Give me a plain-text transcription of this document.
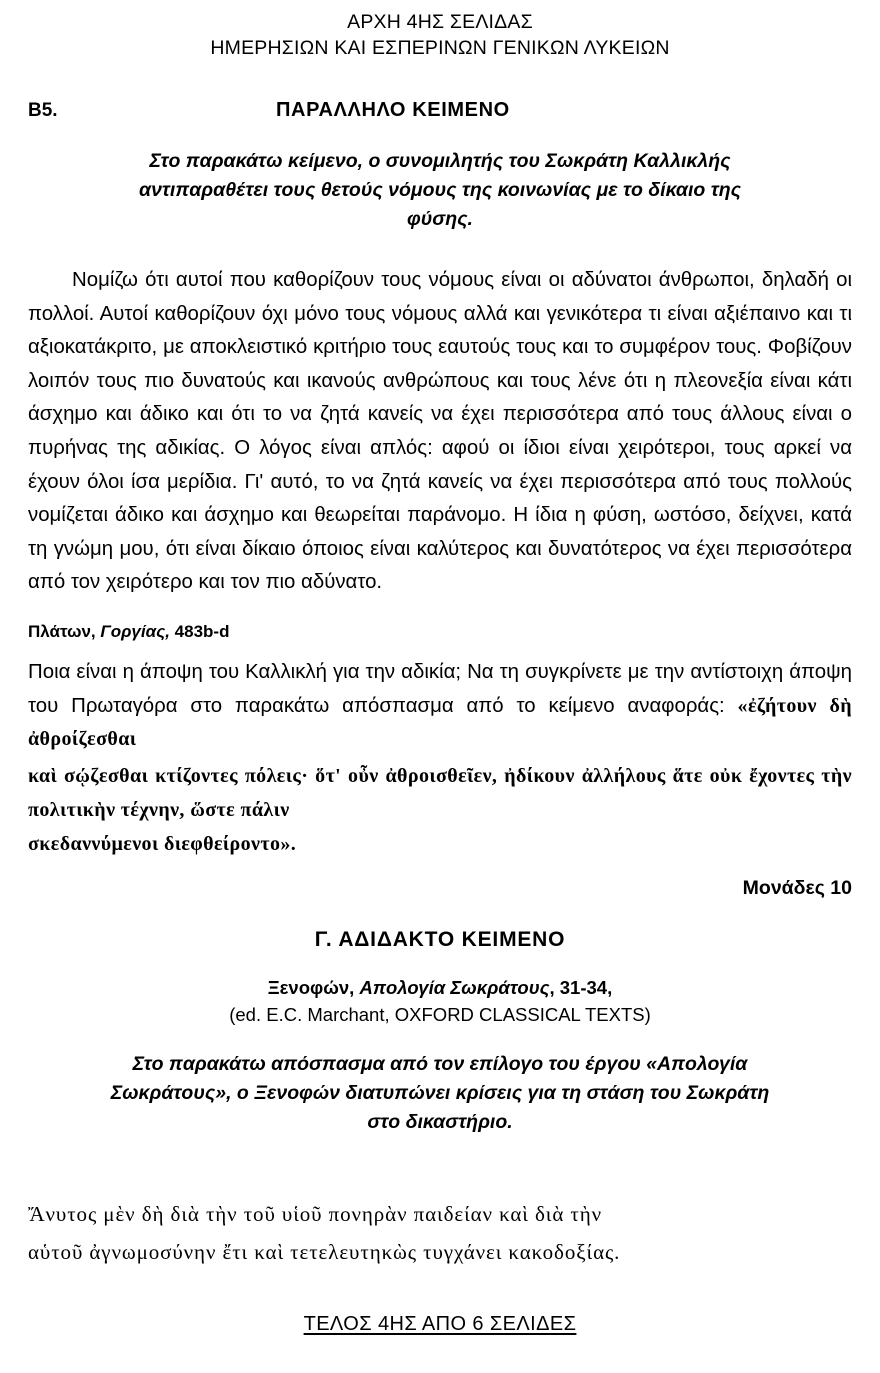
ΑΡΧΗ 4ΗΣ ΣΕΛΙΔΑΣ
ΗΜΕΡΗΣΙΩΝ ΚΑΙ ΕΣΠΕΡΙΝΩΝ ΓΕΝΙΚΩΝ ΛΥΚΕΙΩΝ
Β5.	ΠΑΡΑΛΛΗΛΟ ΚΕΙΜΕΝΟ
Στο παρακάτω κείμενο, ο συνομιλητής του Σωκράτη Καλλικλής αντιπαραθέτει τους θετούς νόμους της κοινωνίας με το δίκαιο της φύσης.
Νομίζω ότι αυτοί που καθορίζουν τους νόμους είναι οι αδύνατοι άνθρωποι, δηλαδή οι πολλοί. Αυτοί καθορίζουν όχι μόνο τους νόμους αλλά και γενικότερα τι είναι αξιέπαινο και τι αξιοκατάκριτο, με αποκλειστικό κριτήριο τους εαυτούς τους και το συμφέρον τους. Φοβίζουν λοιπόν τους πιο δυνατούς και ικανούς ανθρώπους και τους λένε ότι η πλεονεξία είναι κάτι άσχημο και άδικο και ότι το να ζητά κανείς να έχει περισσότερα από τους άλλους είναι ο πυρήνας της αδικίας. Ο λόγος είναι απλός: αφού οι ίδιοι είναι χειρότεροι, τους αρκεί να έχουν όλοι ίσα μερίδια. Γι' αυτό, το να ζητά κανείς να έχει περισσότερα από τους πολλούς νομίζεται άδικο και άσχημο και θεωρείται παράνομο. Η ίδια η φύση, ωστόσο, δείχνει, κατά τη γνώμη μου, ότι είναι δίκαιο όποιος είναι καλύτερος και δυνατότερος να έχει περισσότερα από τον χειρότερο και τον πιο αδύνατο.
Πλάτων, Γοργίας, 483b-d
Ποια είναι η άποψη του Καλλικλή για την αδικία; Να τη συγκρίνετε με την αντίστοιχη άποψη του Πρωταγόρα στο παρακάτω απόσπασμα από το κείμενο αναφοράς: «ἐζήτουν δὴ ἀθροίζεσθαι
καὶ σῴζεσθαι κτίζοντες πόλεις· ὅτ' οὖν ἀθροισθεῖεν, ἠδίκουν ἀλλήλους ἅτε οὐκ ἔχοντες τὴν πολιτικὴν τέχνην, ὥστε πάλιν
σκεδαννύμενοι διεφθείροντο».
Μονάδες 10
Γ. ΑΔΙΔΑΚΤΟ ΚΕΙΜΕΝΟ
Ξενοφών, Απολογία Σωκράτους, 31-34,
(ed. E.C. Marchant, OXFORD CLASSICAL TEXTS)
Στο παρακάτω απόσπασμα από τον επίλογο του έργου «Απολογία Σωκράτους», ο Ξενοφών διατυπώνει κρίσεις για τη στάση του Σωκράτη στο δικαστήριο.
Ἄνυτος μὲν δὴ διὰ τὴν τοῦ υἱοῦ πονηρὰν παιδείαν καὶ διὰ τὴν
αὑτοῦ ἀγνωμοσύνην ἔτι καὶ τετελευτηκὼς τυγχάνει κακοδοξίας.
ΤΕΛΟΣ 4ΗΣ ΑΠΟ 6 ΣΕΛΙΔΕΣ
